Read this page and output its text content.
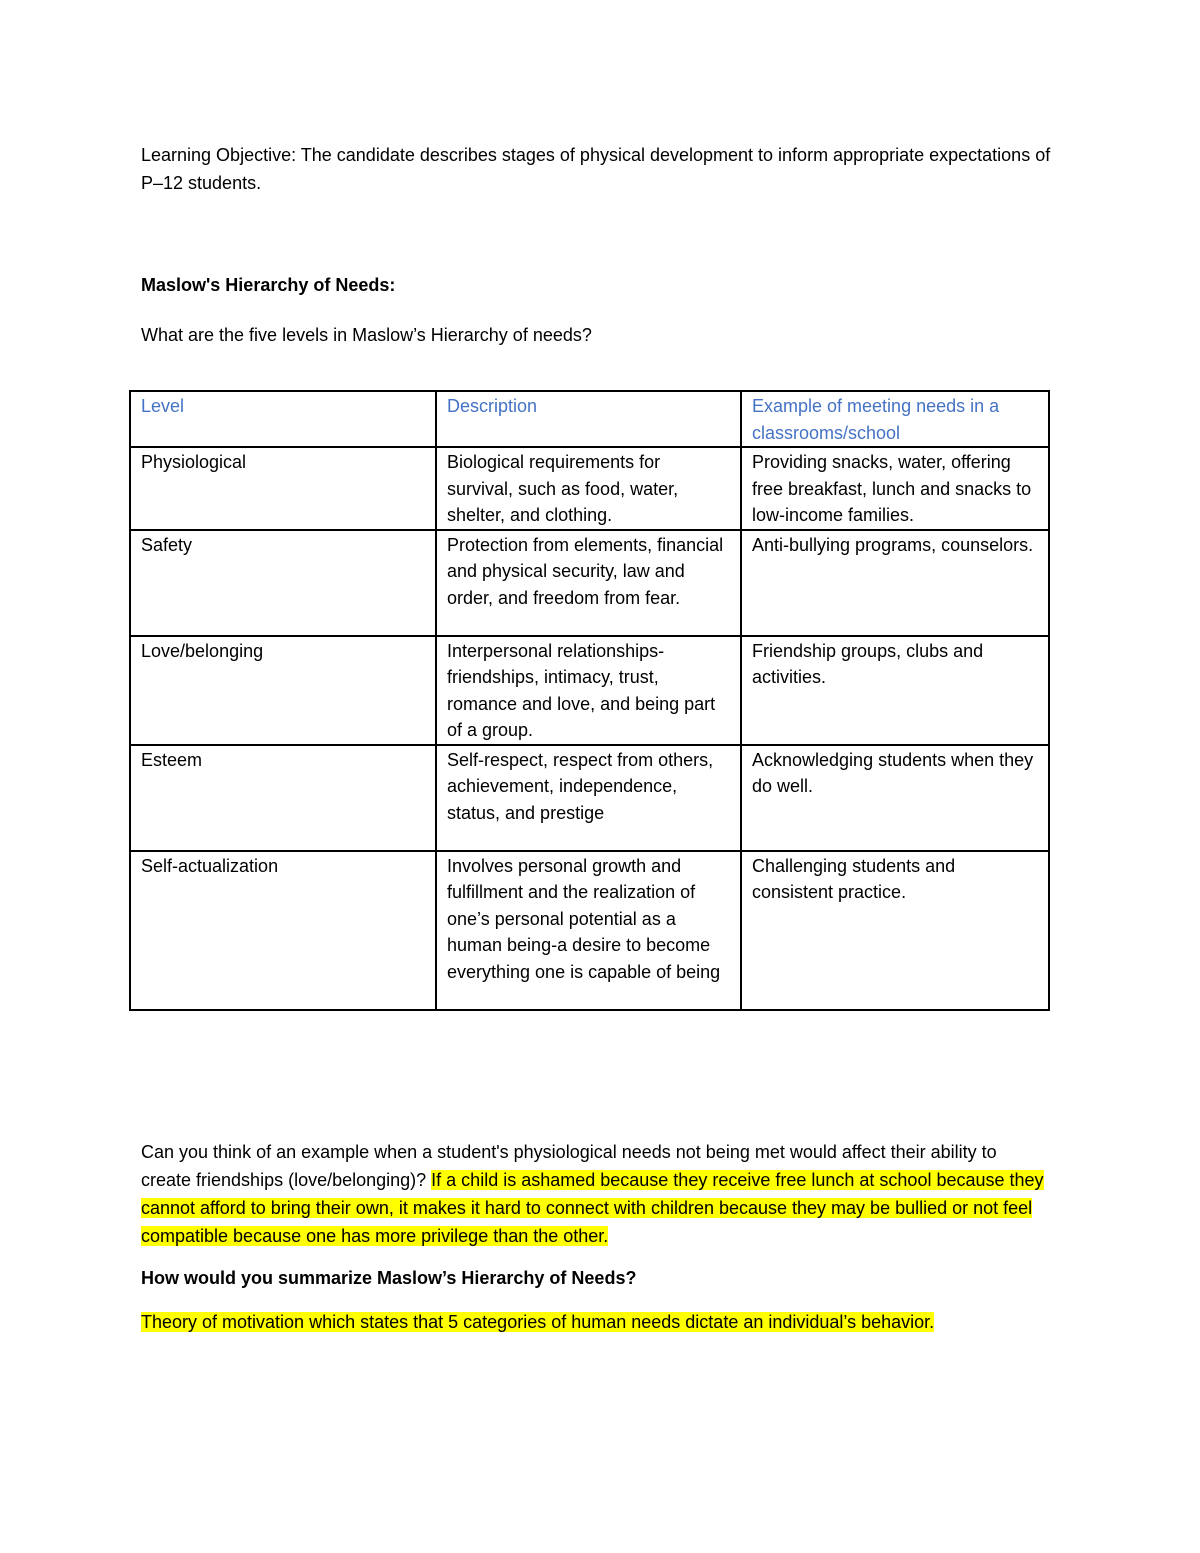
Learning Objective: The candidate describes stages of physical development to inform appropriate expectations of P–12 students.

Maslow's Hierarchy of Needs:

What are the five levels in Maslow’s Hierarchy of needs?

Level	Description	Example of meeting needs in a classrooms/school
Physiological	Biological requirements for survival, such as food, water, shelter, and clothing.	Providing snacks, water, offering free breakfast, lunch and snacks to low-income families.
Safety	Protection from elements, financial and physical security, law and order, and freedom from fear.	Anti-bullying programs, counselors.
Love/belonging	Interpersonal relationships- friendships, intimacy, trust, romance and love, and being part of a group.	Friendship groups, clubs and activities.
Esteem	Self-respect, respect from others, achievement, independence, status, and prestige	Acknowledging students when they do well.
Self-actualization	Involves personal growth and fulfillment and the realization of one’s personal potential as a human being-a desire to become everything one is capable of being	Challenging students and consistent practice.

Can you think of an example when a student's physiological needs not being met would affect their ability to create friendships (love/belonging)? If a child is ashamed because they receive free lunch at school because they cannot afford to bring their own, it makes it hard to connect with children because they may be bullied or not feel compatible because one has more privilege than the other.

How would you summarize Maslow’s Hierarchy of Needs?

Theory of motivation which states that 5 categories of human needs dictate an individual’s behavior.
